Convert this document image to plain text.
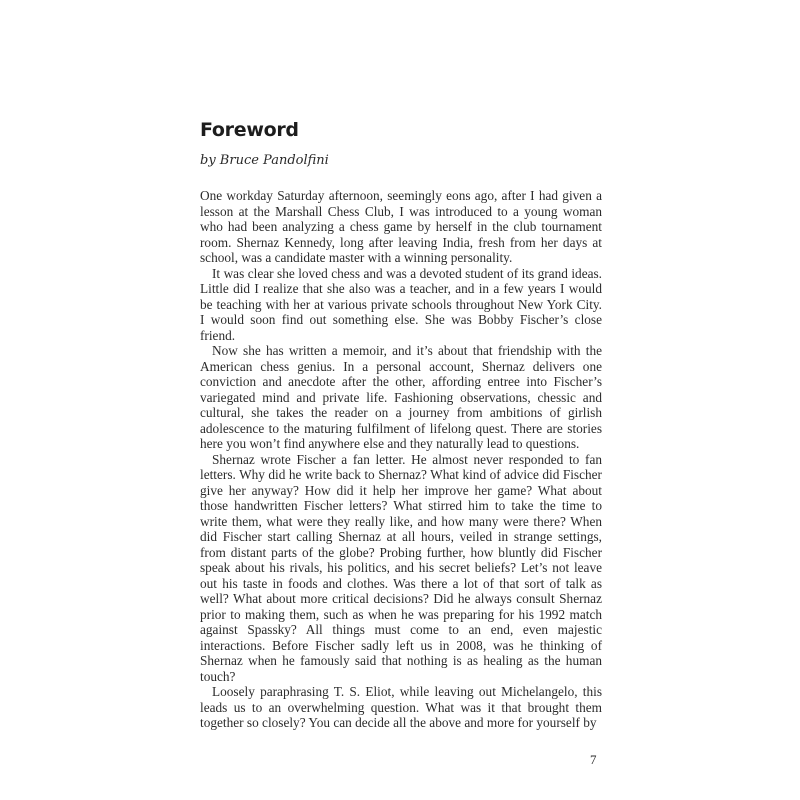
Foreword

by Bruce Pandolfini

One workday Saturday afternoon, seemingly eons ago, after I had given a lesson at the Marshall Chess Club, I was introduced to a young woman who had been analyzing a chess game by herself in the club tournament room. Shernaz Kennedy, long after leaving India, fresh from her days at school, was a candidate master with a winning personality.

It was clear she loved chess and was a devoted student of its grand ideas. Little did I realize that she also was a teacher, and in a few years I would be teaching with her at various private schools throughout New York City. I would soon find out something else. She was Bobby Fischer’s close friend.

Now she has written a memoir, and it’s about that friendship with the American chess genius. In a personal account, Shernaz delivers one conviction and anecdote after the other, affording entree into Fischer’s variegated mind and private life. Fashioning observations, chessic and cultural, she takes the reader on a journey from ambitions of girlish adolescence to the maturing fulfilment of lifelong quest. There are stories here you won’t find anywhere else and they naturally lead to questions.

Shernaz wrote Fischer a fan letter. He almost never responded to fan letters. Why did he write back to Shernaz? What kind of advice did Fischer give her anyway? How did it help her improve her game? What about those handwritten Fischer letters? What stirred him to take the time to write them, what were they really like, and how many were there? When did Fischer start calling Shernaz at all hours, veiled in strange settings, from distant parts of the globe? Probing further, how bluntly did Fischer speak about his rivals, his politics, and his secret beliefs? Let’s not leave out his taste in foods and clothes. Was there a lot of that sort of talk as well? What about more critical decisions? Did he always consult Shernaz prior to making them, such as when he was preparing for his 1992 match against Spassky? All things must come to an end, even majestic interactions. Before Fischer sadly left us in 2008, was he thinking of Shernaz when he famously said that nothing is as healing as the human touch?

Loosely paraphrasing T. S. Eliot, while leaving out Michelangelo, this leads us to an overwhelming question. What was it that brought them together so closely? You can decide all the above and more for yourself by

7
